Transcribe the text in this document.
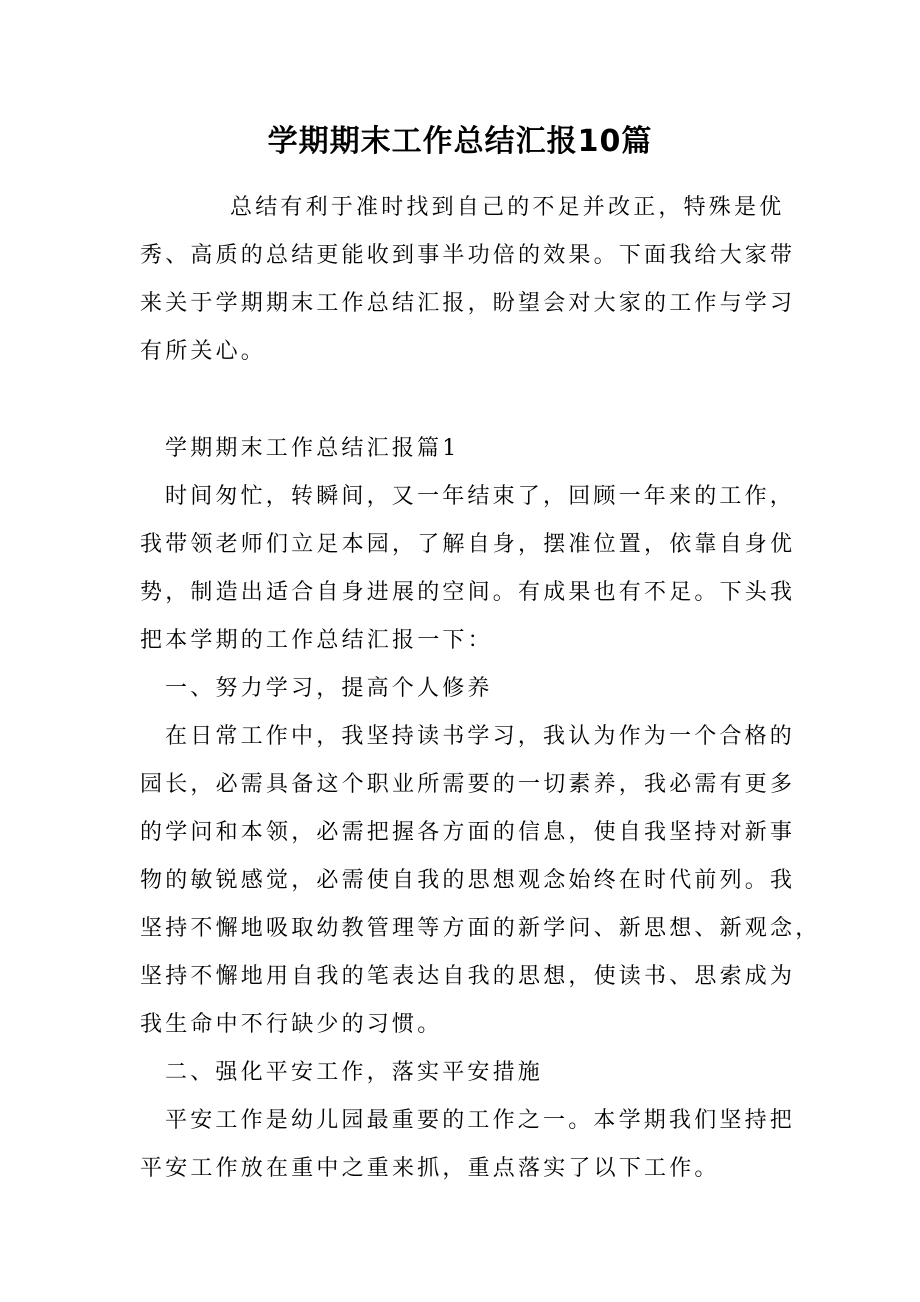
学期期末工作总结汇报10篇
总结有利于准时找到自己的不足并改正，特殊是优
秀、高质的总结更能收到事半功倍的效果。下面我给大家带
来关于学期期末工作总结汇报，盼望会对大家的工作与学习
有所关心。
学期期末工作总结汇报篇1
时间匆忙，转瞬间，又一年结束了，回顾一年来的工作，
我带领老师们立足本园，了解自身，摆准位置，依靠自身优
势，制造出适合自身进展的空间。有成果也有不足。下头我
把本学期的工作总结汇报一下：
一、努力学习，提高个人修养
在日常工作中，我坚持读书学习，我认为作为一个合格的
园长，必需具备这个职业所需要的一切素养，我必需有更多
的学问和本领，必需把握各方面的信息，使自我坚持对新事
物的敏锐感觉，必需使自我的思想观念始终在时代前列。我
坚持不懈地吸取幼教管理等方面的新学问、新思想、新观念，
坚持不懈地用自我的笔表达自我的思想，使读书、思索成为
我生命中不行缺少的习惯。
二、强化平安工作，落实平安措施
平安工作是幼儿园最重要的工作之一。本学期我们坚持把
平安工作放在重中之重来抓，重点落实了以下工作。
